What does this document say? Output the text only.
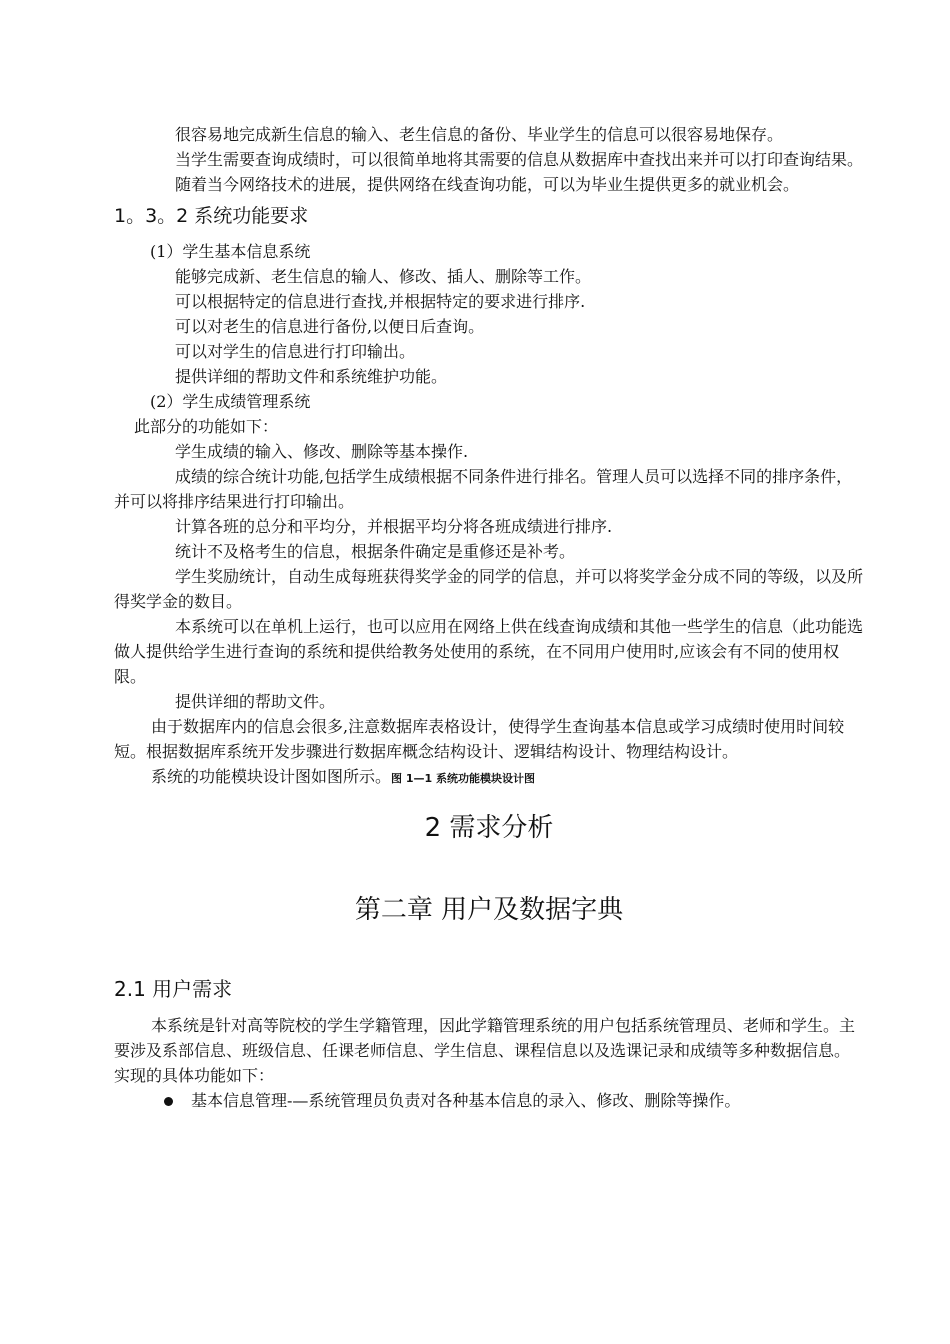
很容易地完成新生信息的输入、老生信息的备份、毕业学生的信息可以很容易地保存。

当学生需要查询成绩时，可以很简单地将其需要的信息从数据库中查找出来并可以打印查询结果。

随着当今网络技术的进展，提供网络在线查询功能，可以为毕业生提供更多的就业机会。

1。3。2 系统功能要求

(1）学生基本信息系统

能够完成新、老生信息的输人、修改、插人、删除等工作。

可以根据特定的信息进行查找,并根据特定的要求进行排序.

可以对老生的信息进行备份,以便日后查询。

可以对学生的信息进行打印输出。

提供详细的帮助文件和系统维护功能。

(2）学生成绩管理系统

此部分的功能如下：

学生成绩的输入、修改、删除等基本操作.

成绩的综合统计功能,包括学生成绩根据不同条件进行排名。管理人员可以选择不同的排序条件，并可以将排序结果进行打印输出。

计算各班的总分和平均分，并根据平均分将各班成绩进行排序.

统计不及格考生的信息，根据条件确定是重修还是补考。

学生奖励统计，自动生成每班获得奖学金的同学的信息，并可以将奖学金分成不同的等级，以及所得奖学金的数目。

本系统可以在单机上运行，也可以应用在网络上供在线查询成绩和其他一些学生的信息（此功能选做人提供给学生进行查询的系统和提供给教务处使用的系统，在不同用户使用时,应该会有不同的使用权限。

提供详细的帮助文件。

由于数据库内的信息会很多,注意数据库表格设计，使得学生查询基本信息或学习成绩时使用时间较短。根据数据库系统开发步骤进行数据库概念结构设计、逻辑结构设计、物理结构设计。

系统的功能模块设计图如图所示。图 1—1 系统功能模块设计图

2 需求分析

第二章 用户及数据字典

2.1 用户需求

本系统是针对高等院校的学生学籍管理，因此学籍管理系统的用户包括系统管理员、老师和学生。主要涉及系部信息、班级信息、任课老师信息、学生信息、课程信息以及选课记录和成绩等多种数据信息。

实现的具体功能如下：

基本信息管理-—系统管理员负责对各种基本信息的录入、修改、删除等操作。
